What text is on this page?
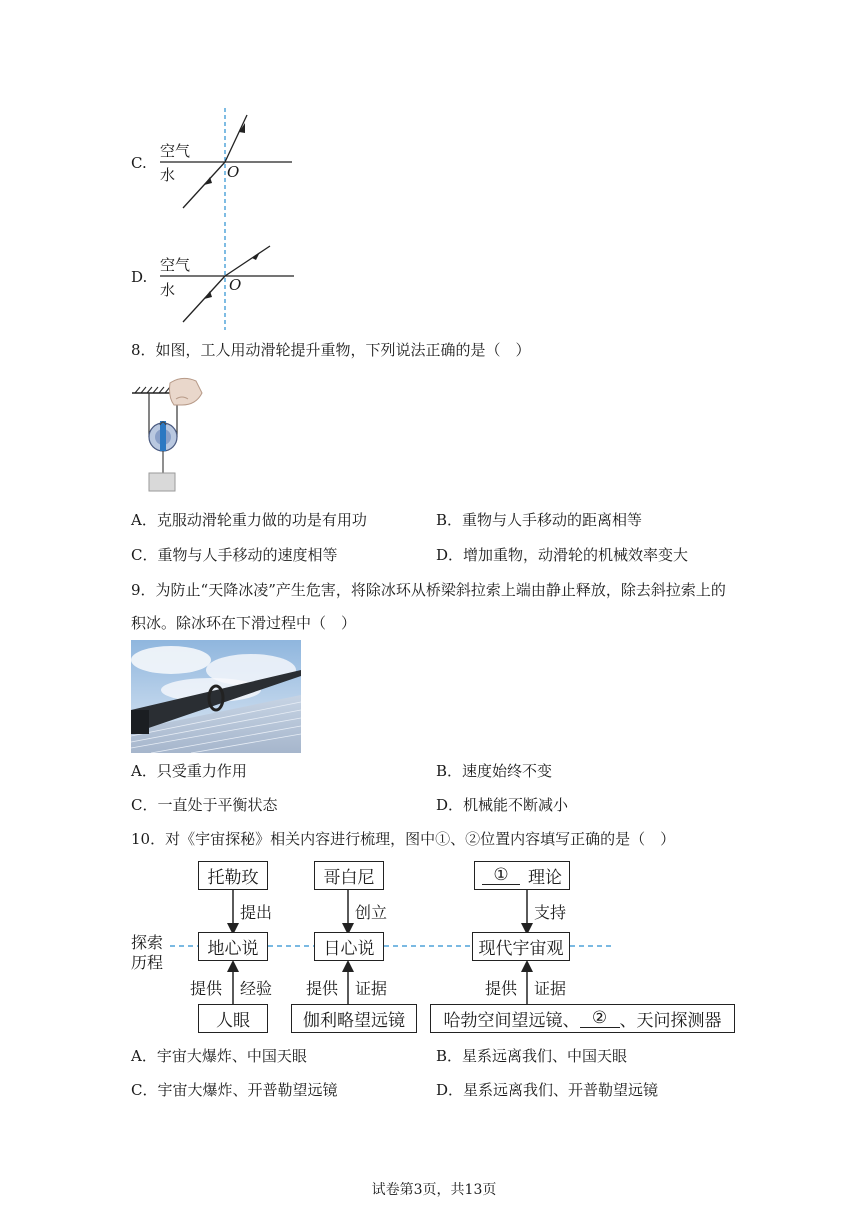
C.
空气
水	O
D.
空气
水	O
8．如图，工人用动滑轮提升重物，下列说法正确的是（　）
A．克服动滑轮重力做的功是有用功	B．重物与人手移动的距离相等
C．重物与人手移动的速度相等	D．增加重物，动滑轮的机械效率变大
9．为防止“天降冰凌”产生危害，将除冰环从桥梁斜拉索上端由静止释放，除去斜拉索上的
积冰。除冰环在下滑过程中（　）
A．只受重力作用	B．速度始终不变
C．一直处于平衡状态	D．机械能不断减小
10．对《宇宙探秘》相关内容进行梳理，图中①、②位置内容填写正确的是（　）
探索
历程
托勒玫	哥白尼	①	理论
提出	创立	支持
地心说	日心说	现代宇宙观
提供 经验 提供 证据	提供 证据
人眼	伽利略望远镜	哈勃空间望远镜、 ② 、天问探测器
A．宇宙大爆炸、中国天眼	B．星系远离我们、中国天眼
C．宇宙大爆炸、开普勒望远镜	D．星系远离我们、开普勒望远镜
试卷第3页，共13页
